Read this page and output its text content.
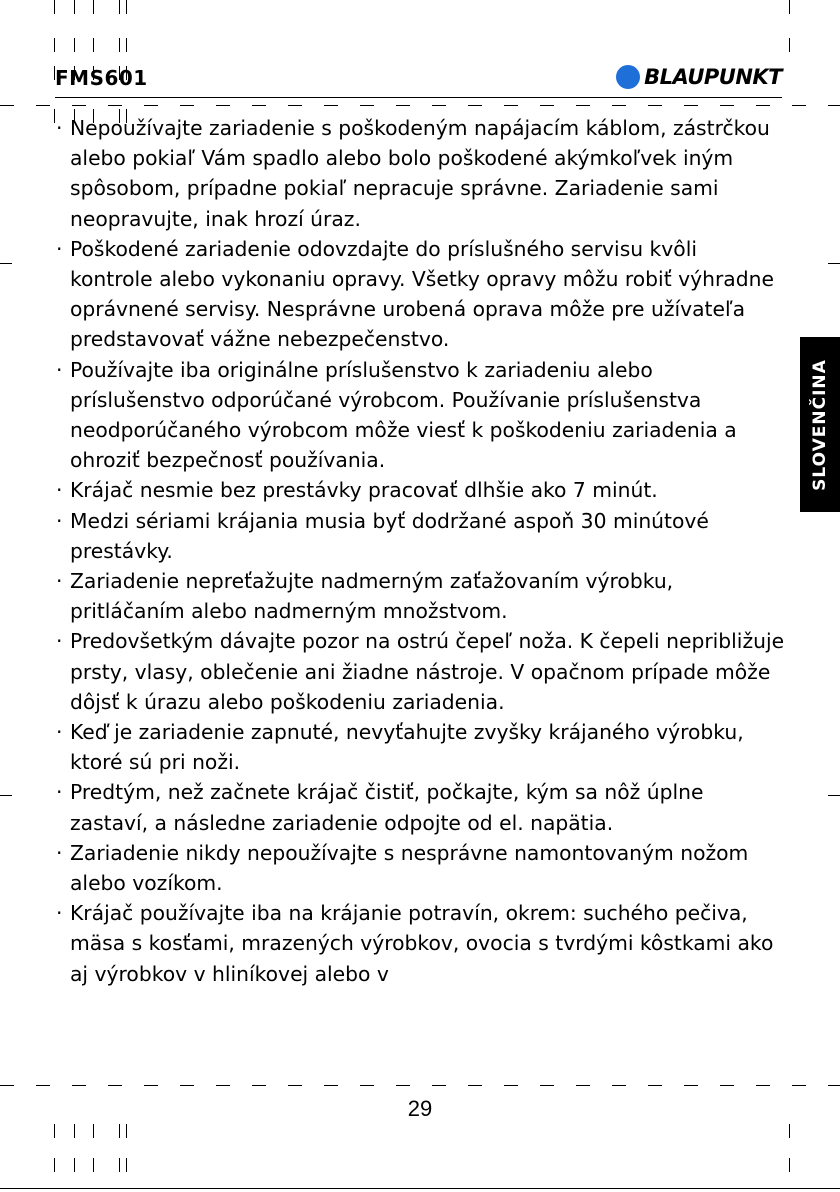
FMS601	BLAUPUNKT
· Nepoužívajte zariadenie s poškodeným napájacím káblom, zástrčkou alebo pokiaľ Vám spadlo alebo bolo poškodené akýmkoľvek iným spôsobom, prípadne pokiaľ nepracuje správne. Zariadenie sami neopravujte, inak hrozí úraz.
· Poškodené zariadenie odovzdajte do príslušného servisu kvôli kontrole alebo vykonaniu opravy. Všetky opravy môžu robiť výhradne oprávnené servisy. Nesprávne urobená oprava môže pre užívateľa predstavovať vážne nebezpečenstvo.
· Používajte iba originálne príslušenstvo k zariadeniu alebo príslušenstvo odporúčané výrobcom. Používanie príslušenstva neodporúčaného výrobcom môže viesť k poškodeniu zariadenia a ohroziť bezpečnosť používania.
· Krájač nesmie bez prestávky pracovať dlhšie ako 7 minút.
· Medzi sériami krájania musia byť dodržané aspoň 30 minútové prestávky.
· Zariadenie nepreťažujte nadmerným zaťažovaním výrobku, pritláčaním alebo nadmerným množstvom.
· Predovšetkým dávajte pozor na ostrú čepeľ noža. K čepeli nepribližuje prsty, vlasy, oblečenie ani žiadne nástroje. V opačnom prípade môže dôjsť k úrazu alebo poškodeniu zariadenia.
· Keď je zariadenie zapnuté, nevyťahujte zvyšky krájaného výrobku, ktoré sú pri noži.
· Predtým, než začnete krájač čistiť, počkajte, kým sa nôž úplne zastaví, a následne zariadenie odpojte od el. napätia.
· Zariadenie nikdy nepoužívajte s nesprávne namontovaným nožom alebo vozíkom.
· Krájač používajte iba na krájanie potravín, okrem: suchého pečiva, mäsa s kosťami, mrazených výrobkov, ovocia s tvrdými kôstkami ako aj výrobkov v hliníkovej alebo v
SLOVENČINA
29
